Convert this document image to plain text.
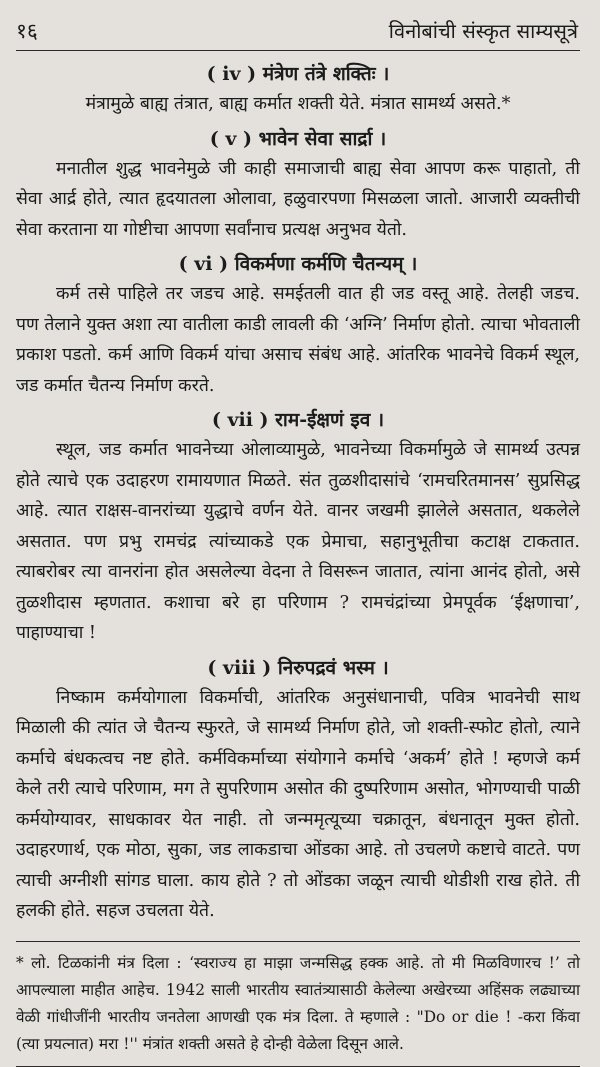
१६	विनोबांची संस्कृत साम्यसूत्रे
( iv ) मंत्रेण तंत्रे शक्तिः ।
मंत्रामुळे बाह्य तंत्रात, बाह्य कर्मात शक्ती येते. मंत्रात सामर्थ्य असते.*
( v ) भावेन सेवा सार्द्रा ।
मनातील शुद्ध भावनेमुळे जी काही समाजाची बाह्य सेवा आपण करू पाहातो, ती सेवा आर्द्र होते, त्यात हृदयातला ओलावा, हळुवारपणा मिसळला जातो. आजारी व्यक्तीची सेवा करताना या गोष्टीचा आपणा सर्वांनाच प्रत्यक्ष अनुभव येतो.
( vi ) विकर्मणा कर्मणि चैतन्यम् ।
कर्म तसे पाहिले तर जडच आहे. समईतली वात ही जड वस्तू आहे. तेलही जडच. पण तेलाने युक्त अशा त्या वातीला काडी लावली की ‘अग्नि’ निर्माण होतो. त्याचा भोवताली प्रकाश पडतो. कर्म आणि विकर्म यांचा असाच संबंध आहे. आंतरिक भावनेचे विकर्म स्थूल, जड कर्मात चैतन्य निर्माण करते.
( vii ) राम-ईक्षणं इव ।
स्थूल, जड कर्मात भावनेच्या ओलाव्यामुळे, भावनेच्या विकर्मामुळे जे सामर्थ्य उत्पन्न होते त्याचे एक उदाहरण रामायणात मिळते. संत तुळशीदासांचे ‘रामचरितमानस’ सुप्रसिद्ध आहे. त्यात राक्षस-वानरांच्या युद्धाचे वर्णन येते. वानर जखमी झालेले असतात, थकलेले असतात. पण प्रभु रामचंद्र त्यांच्याकडे एक प्रेमाचा, सहानुभूतीचा कटाक्ष टाकतात. त्याबरोबर त्या वानरांना होत असलेल्या वेदना ते विसरून जातात, त्यांना आनंद होतो, असे तुळशीदास म्हणतात. कशाचा बरे हा परिणाम ? रामचंद्रांच्या प्रेमपूर्वक ‘ईक्षणाचा’, पाहाण्याचा !
( viii ) निरुपद्रवं भस्म ।
निष्काम कर्मयोगाला विकर्माची, आंतरिक अनुसंधानाची, पवित्र भावनेची साथ मिळाली की त्यांत जे चैतन्य स्फुरते, जे सामर्थ्य निर्माण होते, जो शक्ती-स्फोट होतो, त्याने कर्माचे बंधकत्वच नष्ट होते. कर्मविकर्माच्या संयोगाने कर्माचे ‘अकर्म’ होते ! म्हणजे कर्म केले तरी त्याचे परिणाम, मग ते सुपरिणाम असोत की दुष्परिणाम असोत, भोगण्याची पाळी कर्मयोग्यावर, साधकावर येत नाही. तो जन्ममृत्यूच्या चक्रातून, बंधनातून मुक्त होतो. उदाहरणार्थ, एक मोठा, सुका, जड लाकडाचा ओंडका आहे. तो उचलणे कष्टाचे वाटते. पण त्याची अग्नीशी सांगड घाला. काय होते ? तो ओंडका जळून त्याची थोडीशी राख होते. ती हलकी होते. सहज उचलता येते.
* लो. टिळकांनी मंत्र दिला : ‘स्वराज्य हा माझा जन्मसिद्ध हक्क आहे. तो मी मिळविणारच !’ तो आपल्याला माहीत आहेच. 1942 साली भारतीय स्वातंत्र्यासाठी केलेल्या अखेरच्या अहिंसक लढ्याच्या वेळी गांधीजींनी भारतीय जनतेला आणखी एक मंत्र दिला. ते म्हणाले : "Do or die ! -करा किंवा (त्या प्रयत्नात) मरा !'' मंत्रांत शक्ती असते हे दोन्ही वेळेला दिसून आले.
